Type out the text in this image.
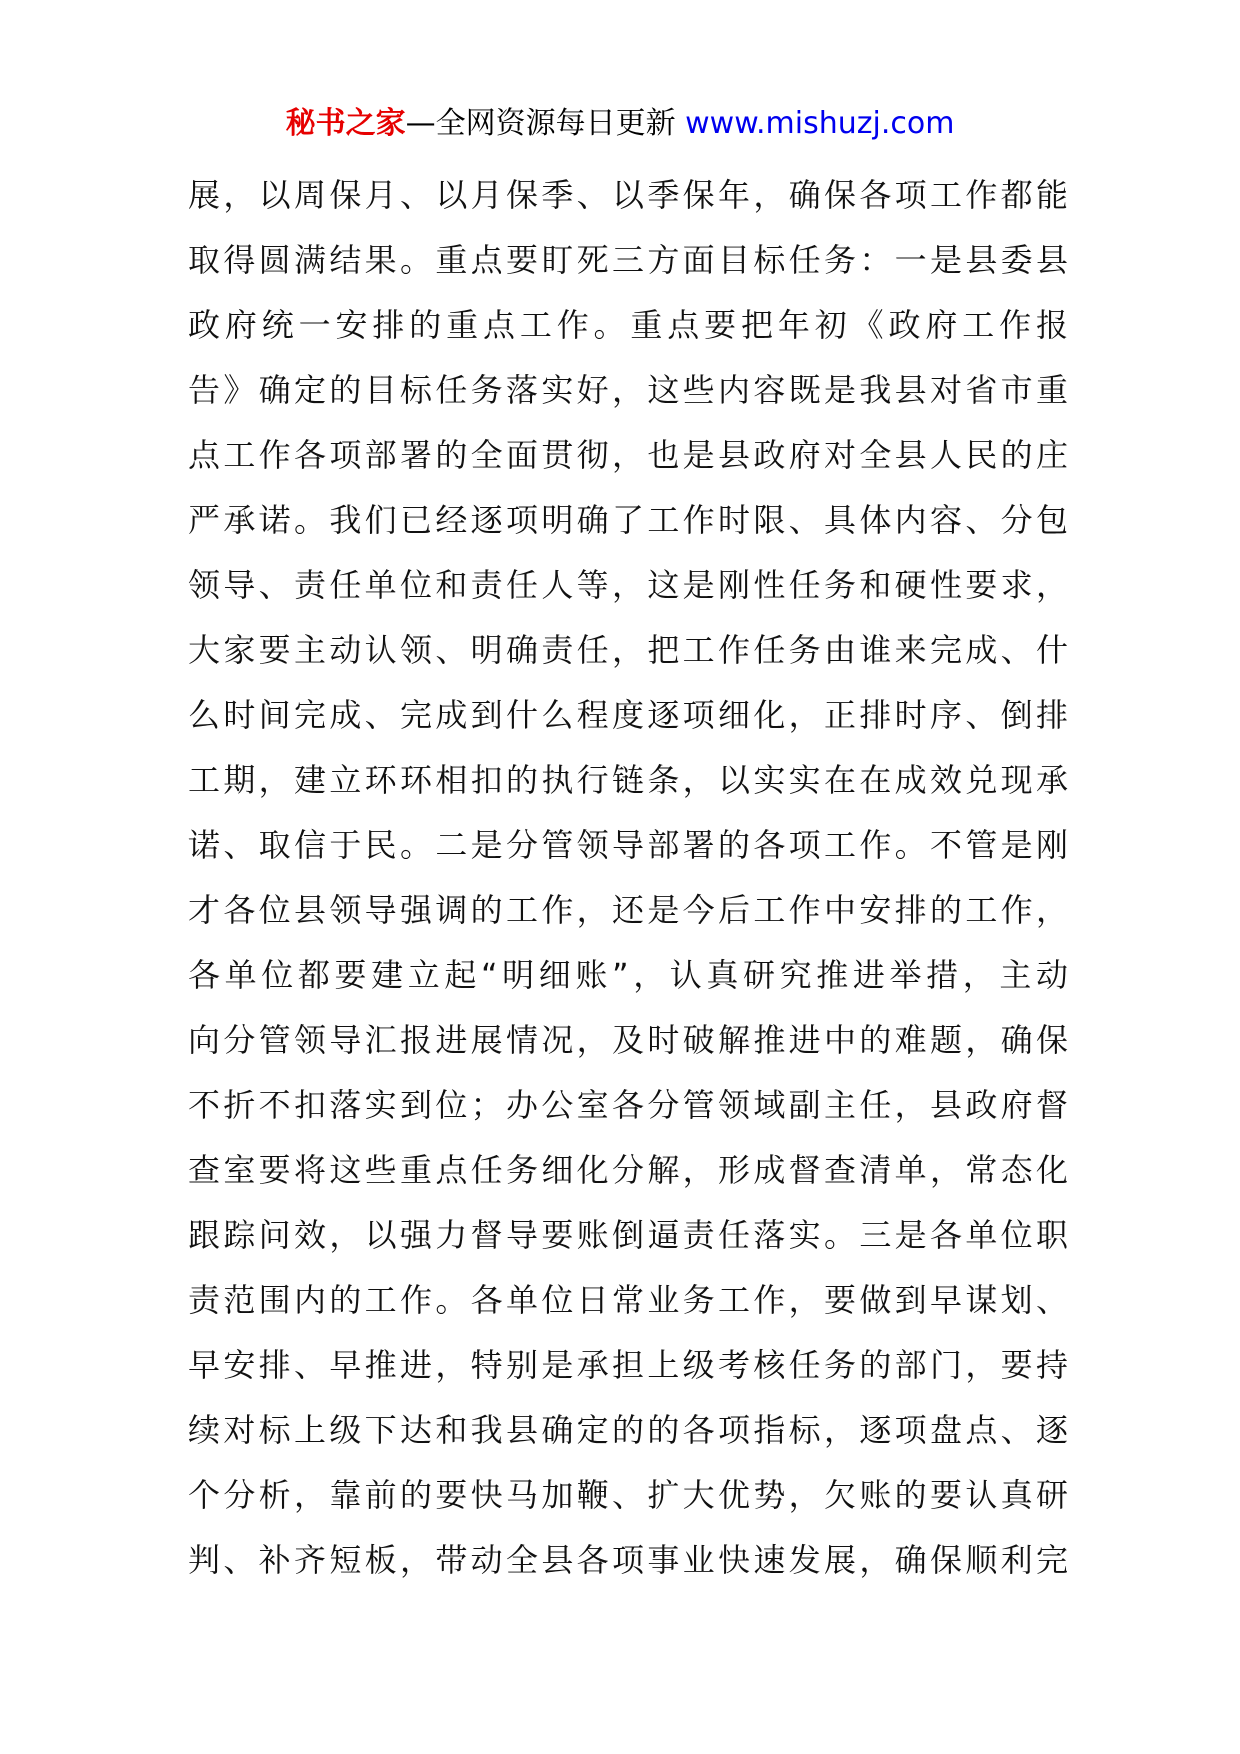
秘书之家—全网资源每日更新 www.mishuzj.com
展，以周保月、以月保季、以季保年，确保各项工作都能
取得圆满结果。重点要盯死三方面目标任务：一是县委县
政府统一安排的重点工作。重点要把年初《政府工作报
告》确定的目标任务落实好，这些内容既是我县对省市重
点工作各项部署的全面贯彻，也是县政府对全县人民的庄
严承诺。我们已经逐项明确了工作时限、具体内容、分包
领导、责任单位和责任人等，这是刚性任务和硬性要求，
大家要主动认领、明确责任，把工作任务由谁来完成、什
么时间完成、完成到什么程度逐项细化，正排时序、倒排
工期，建立环环相扣的执行链条，以实实在在成效兑现承
诺、取信于民。二是分管领导部署的各项工作。不管是刚
才各位县领导强调的工作，还是今后工作中安排的工作，
各单位都要建立起“明细账”，认真研究推进举措，主动
向分管领导汇报进展情况，及时破解推进中的难题，确保
不折不扣落实到位；办公室各分管领域副主任，县政府督
查室要将这些重点任务细化分解，形成督查清单，常态化
跟踪问效，以强力督导要账倒逼责任落实。三是各单位职
责范围内的工作。各单位日常业务工作，要做到早谋划、
早安排、早推进，特别是承担上级考核任务的部门，要持
续对标上级下达和我县确定的的各项指标，逐项盘点、逐
个分析，靠前的要快马加鞭、扩大优势，欠账的要认真研
判、补齐短板，带动全县各项事业快速发展，确保顺利完
